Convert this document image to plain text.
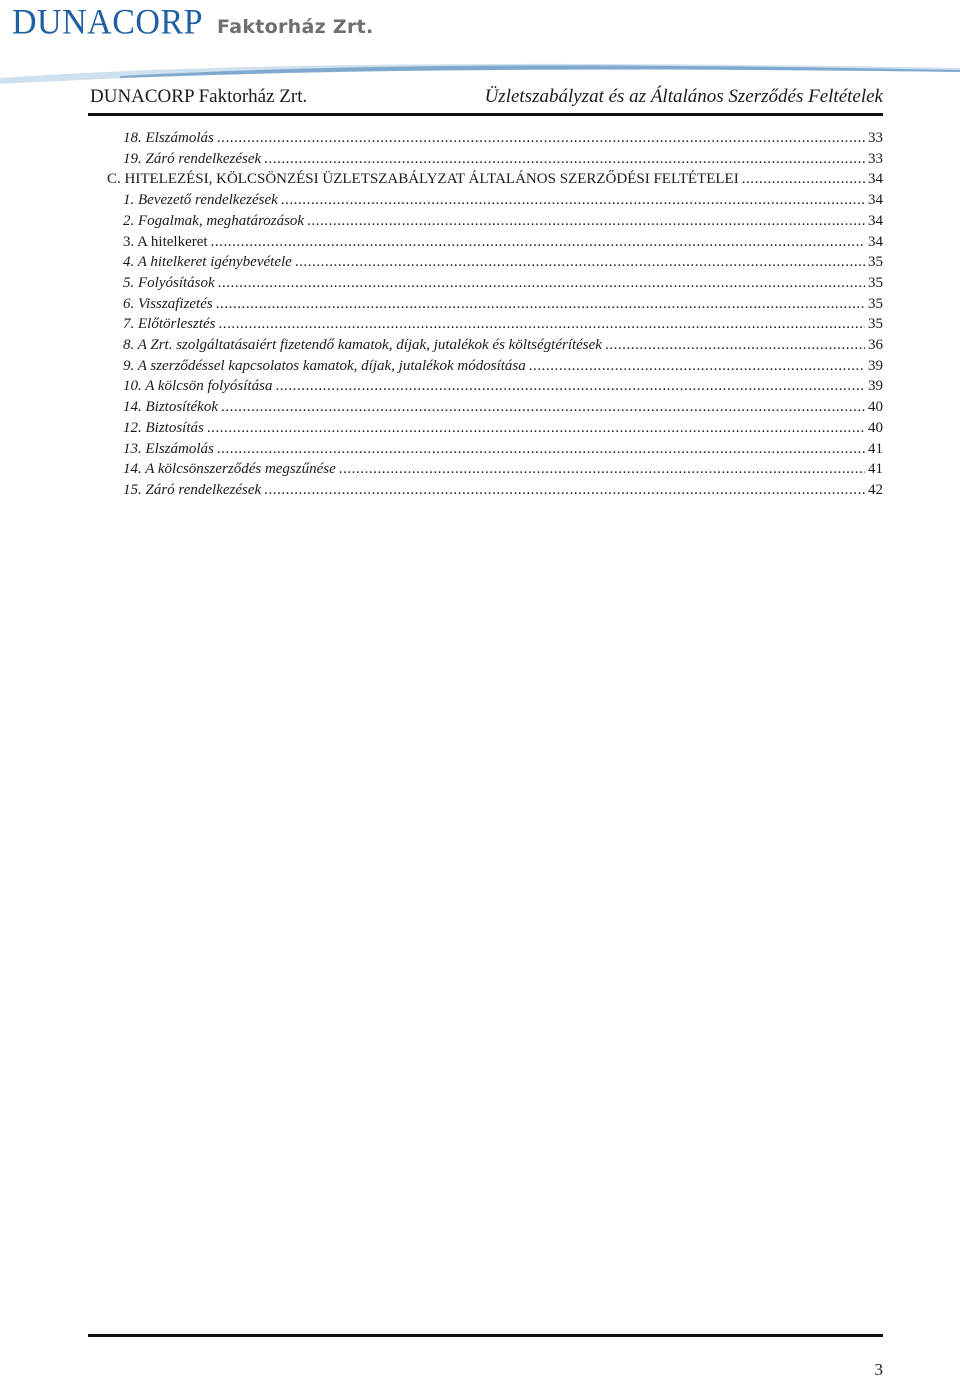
DUNACORP Faktorház Zrt.
DUNACORP Faktorház Zrt.	Üzletszabályzat és az Általános Szerződés Feltételek
18. Elszámolás . . .	33
19. Záró rendelkezések . . .	33
C. HITELEZÉSI, KÖLCSÖNZÉSI ÜZLETSZABÁLYZAT ÁLTALÁNOS SZERZŐDÉSI FELTÉTELEI . . .	34
1. Bevezető rendelkezések . . .	34
2. Fogalmak, meghatározások . . .	34
3. A hitelkeret . . .	34
4. A hitelkeret igénybevétele . . .	35
5. Folyósítások . . .	35
6. Visszafizetés . . .	35
7. Előtörlesztés . . .	35
8. A Zrt. szolgáltatásaiért fizetendő kamatok, díjak, jutalékok és költségtérítések . . .	36
9. A szerződéssel kapcsolatos kamatok, díjak, jutalékok módosítása . . .	39
10. A kölcsön folyósítása . . .	39
14. Biztosítékok . . .	40
12. Biztosítás . . .	40
13. Elszámolás . . .	41
14. A kölcsönszerződés megszűnése . . .	41
15. Záró rendelkezések . . .	42
3
